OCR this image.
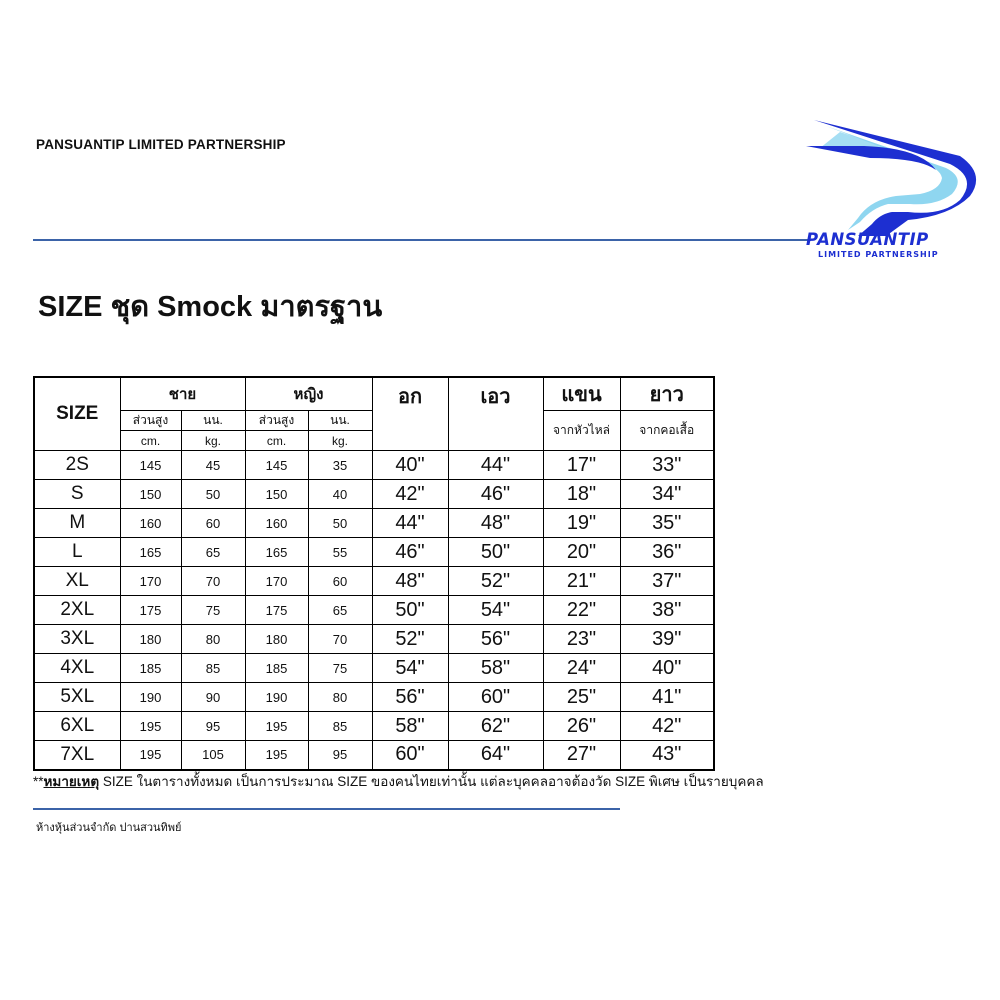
PANSUANTIP LIMITED PARTNERSHIP
PANSUANTIP
LIMITED PARTNERSHIP
SIZE ชุด Smock มาตรฐาน
SIZE	ชาย		หญิง		อก	เอว	แขน	ยาว
	ส่วนสูง	นน.	ส่วนสูง	นน.			จากหัวไหล่	จากคอเสื้อ
	cm.	kg.	cm.	kg.				
2S	145	45	145	35	40"	44"	17"	33"
S	150	50	150	40	42"	46"	18"	34"
M	160	60	160	50	44"	48"	19"	35"
L	165	65	165	55	46"	50"	20"	36"
XL	170	70	170	60	48"	52"	21"	37"
2XL	175	75	175	65	50"	54"	22"	38"
3XL	180	80	180	70	52"	56"	23"	39"
4XL	185	85	185	75	54"	58"	24"	40"
5XL	190	90	190	80	56"	60"	25"	41"
6XL	195	95	195	85	58"	62"	26"	42"
7XL	195	105	195	95	60"	64"	27"	43"
**หมายเหตุ SIZE ในตารางทั้งหมด เป็นการประมาณ SIZE ของคนไทยเท่านั้น แต่ละบุคคลอาจต้องวัด SIZE พิเศษ เป็นรายบุคคล
ห้างหุ้นส่วนจำกัด ปานสวนทิพย์
